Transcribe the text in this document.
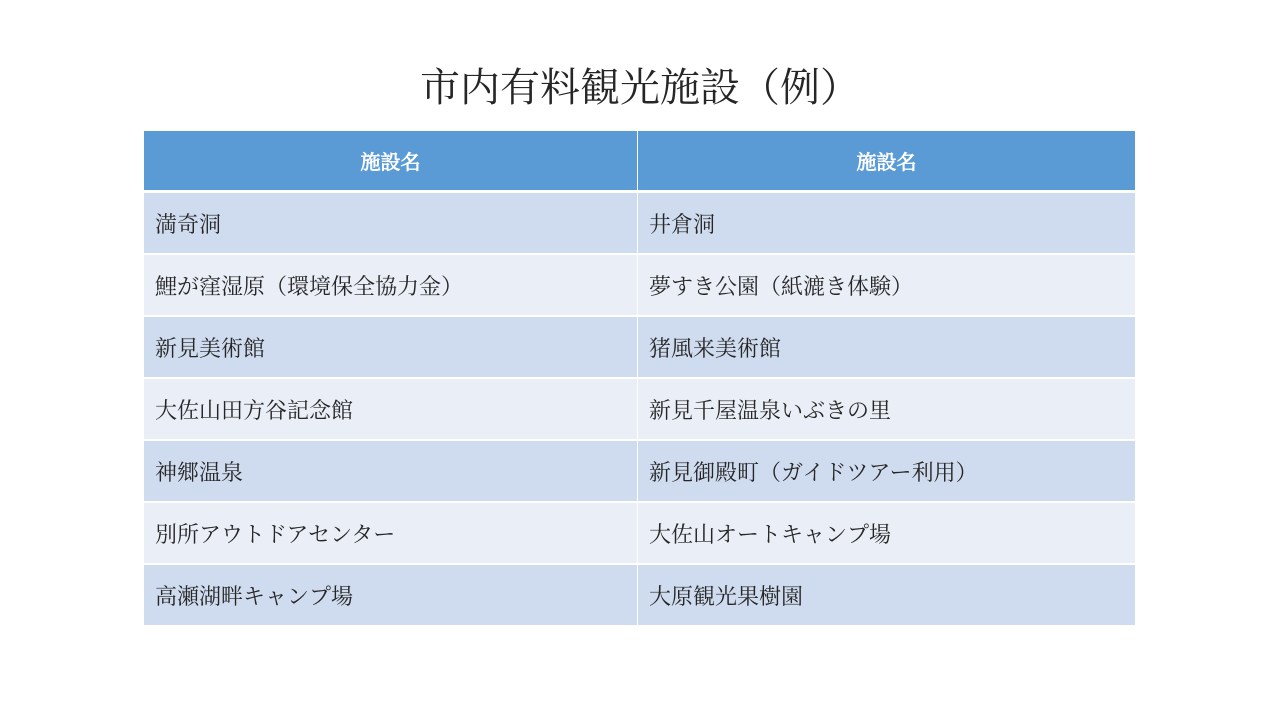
市内有料観光施設（例）
施設名	施設名
満奇洞	井倉洞
鯉が窪湿原（環境保全協力金）	夢すき公園（紙漉き体験）
新見美術館	猪風来美術館
大佐山田方谷記念館	新見千屋温泉いぶきの里
神郷温泉	新見御殿町（ガイドツアー利用）
別所アウトドアセンター	大佐山オートキャンプ場
高瀬湖畔キャンプ場	大原観光果樹園
